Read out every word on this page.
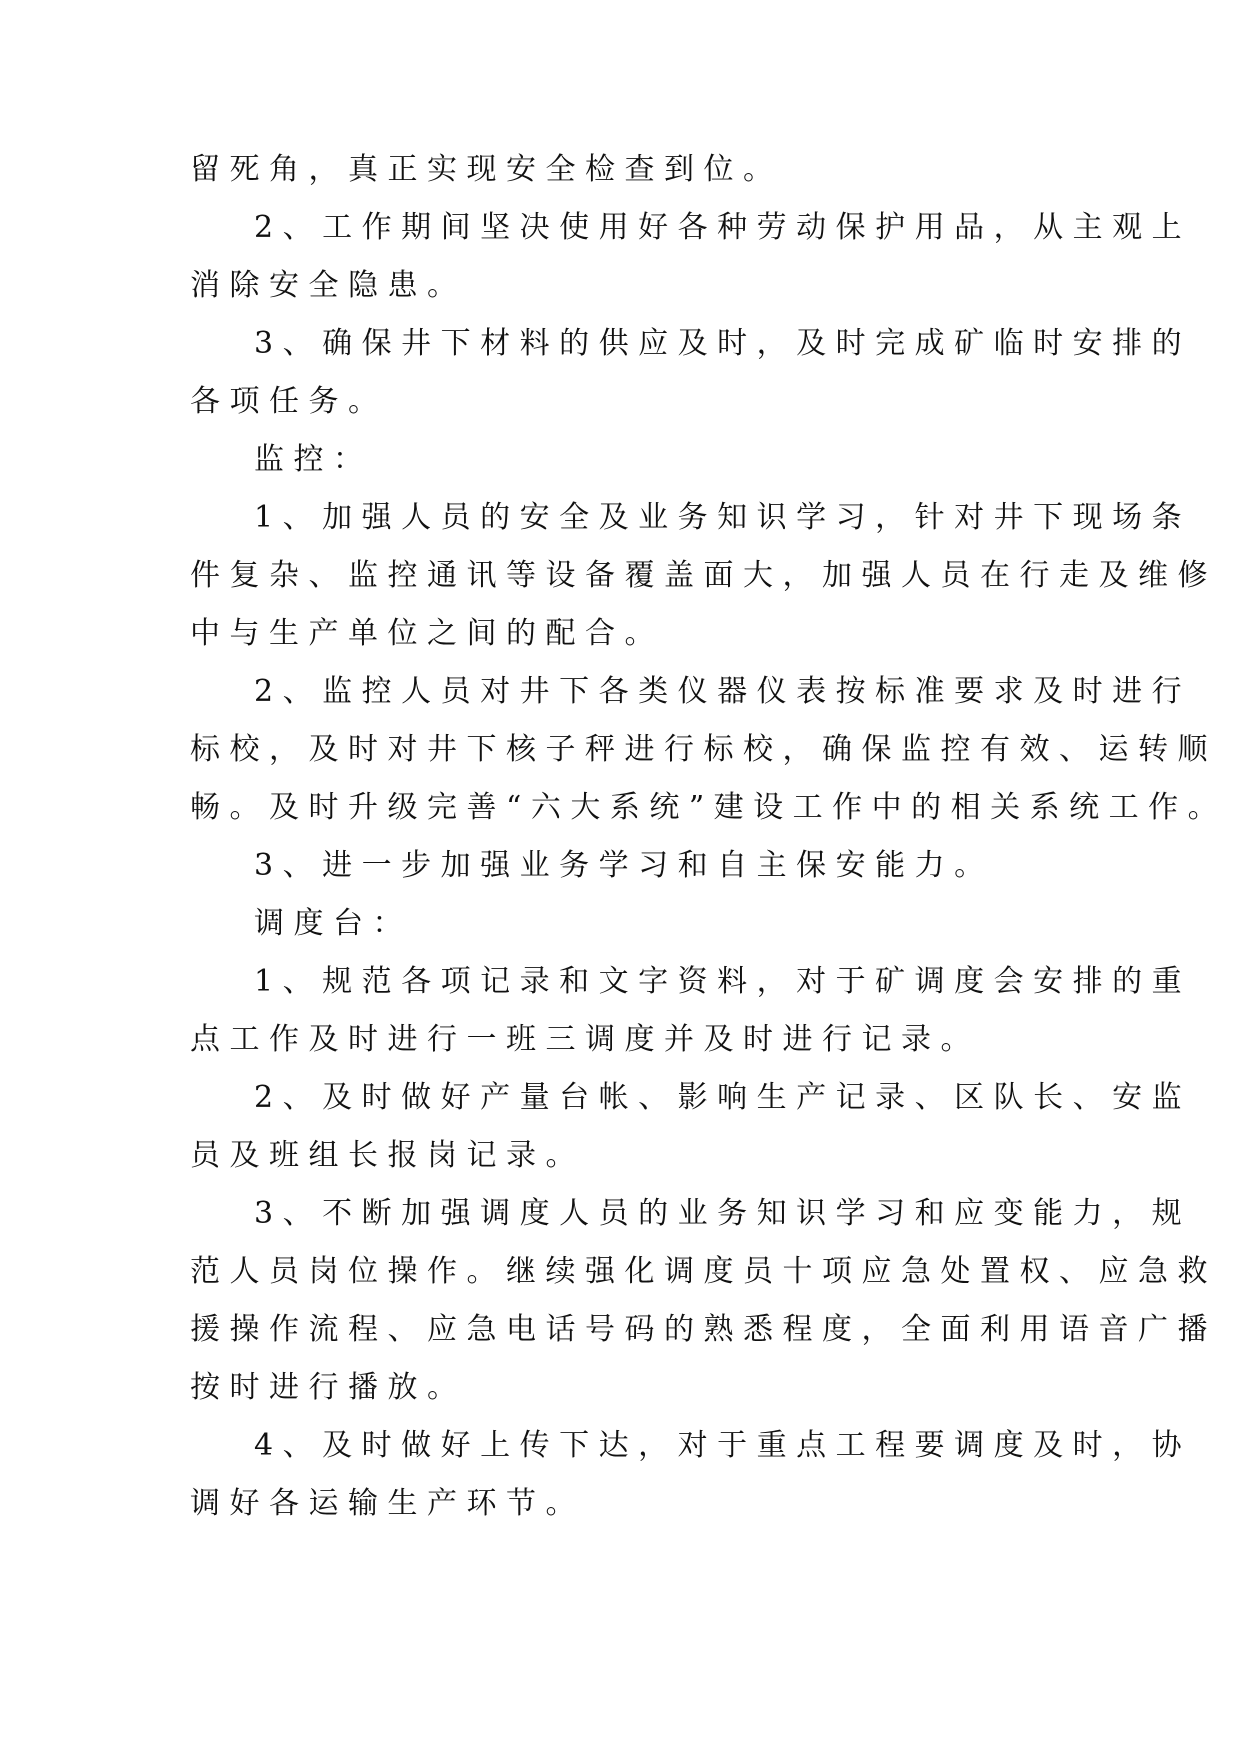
留死角，真正实现安全检查到位。
2、工作期间坚决使用好各种劳动保护用品，从主观上
消除安全隐患。
3、确保井下材料的供应及时，及时完成矿临时安排的
各项任务。
监控：
1、加强人员的安全及业务知识学习，针对井下现场条
件复杂、监控通讯等设备覆盖面大，加强人员在行走及维修
中与生产单位之间的配合。
2、监控人员对井下各类仪器仪表按标准要求及时进行
标校，及时对井下核子秤进行标校，确保监控有效、运转顺
畅。及时升级完善“六大系统”建设工作中的相关系统工作。
3、进一步加强业务学习和自主保安能力。
调度台：
1、规范各项记录和文字资料，对于矿调度会安排的重
点工作及时进行一班三调度并及时进行记录。
2、及时做好产量台帐、影响生产记录、区队长、安监
员及班组长报岗记录。
3、不断加强调度人员的业务知识学习和应变能力，规
范人员岗位操作。继续强化调度员十项应急处置权、应急救
援操作流程、应急电话号码的熟悉程度，全面利用语音广播
按时进行播放。
4、及时做好上传下达，对于重点工程要调度及时，协
调好各运输生产环节。
